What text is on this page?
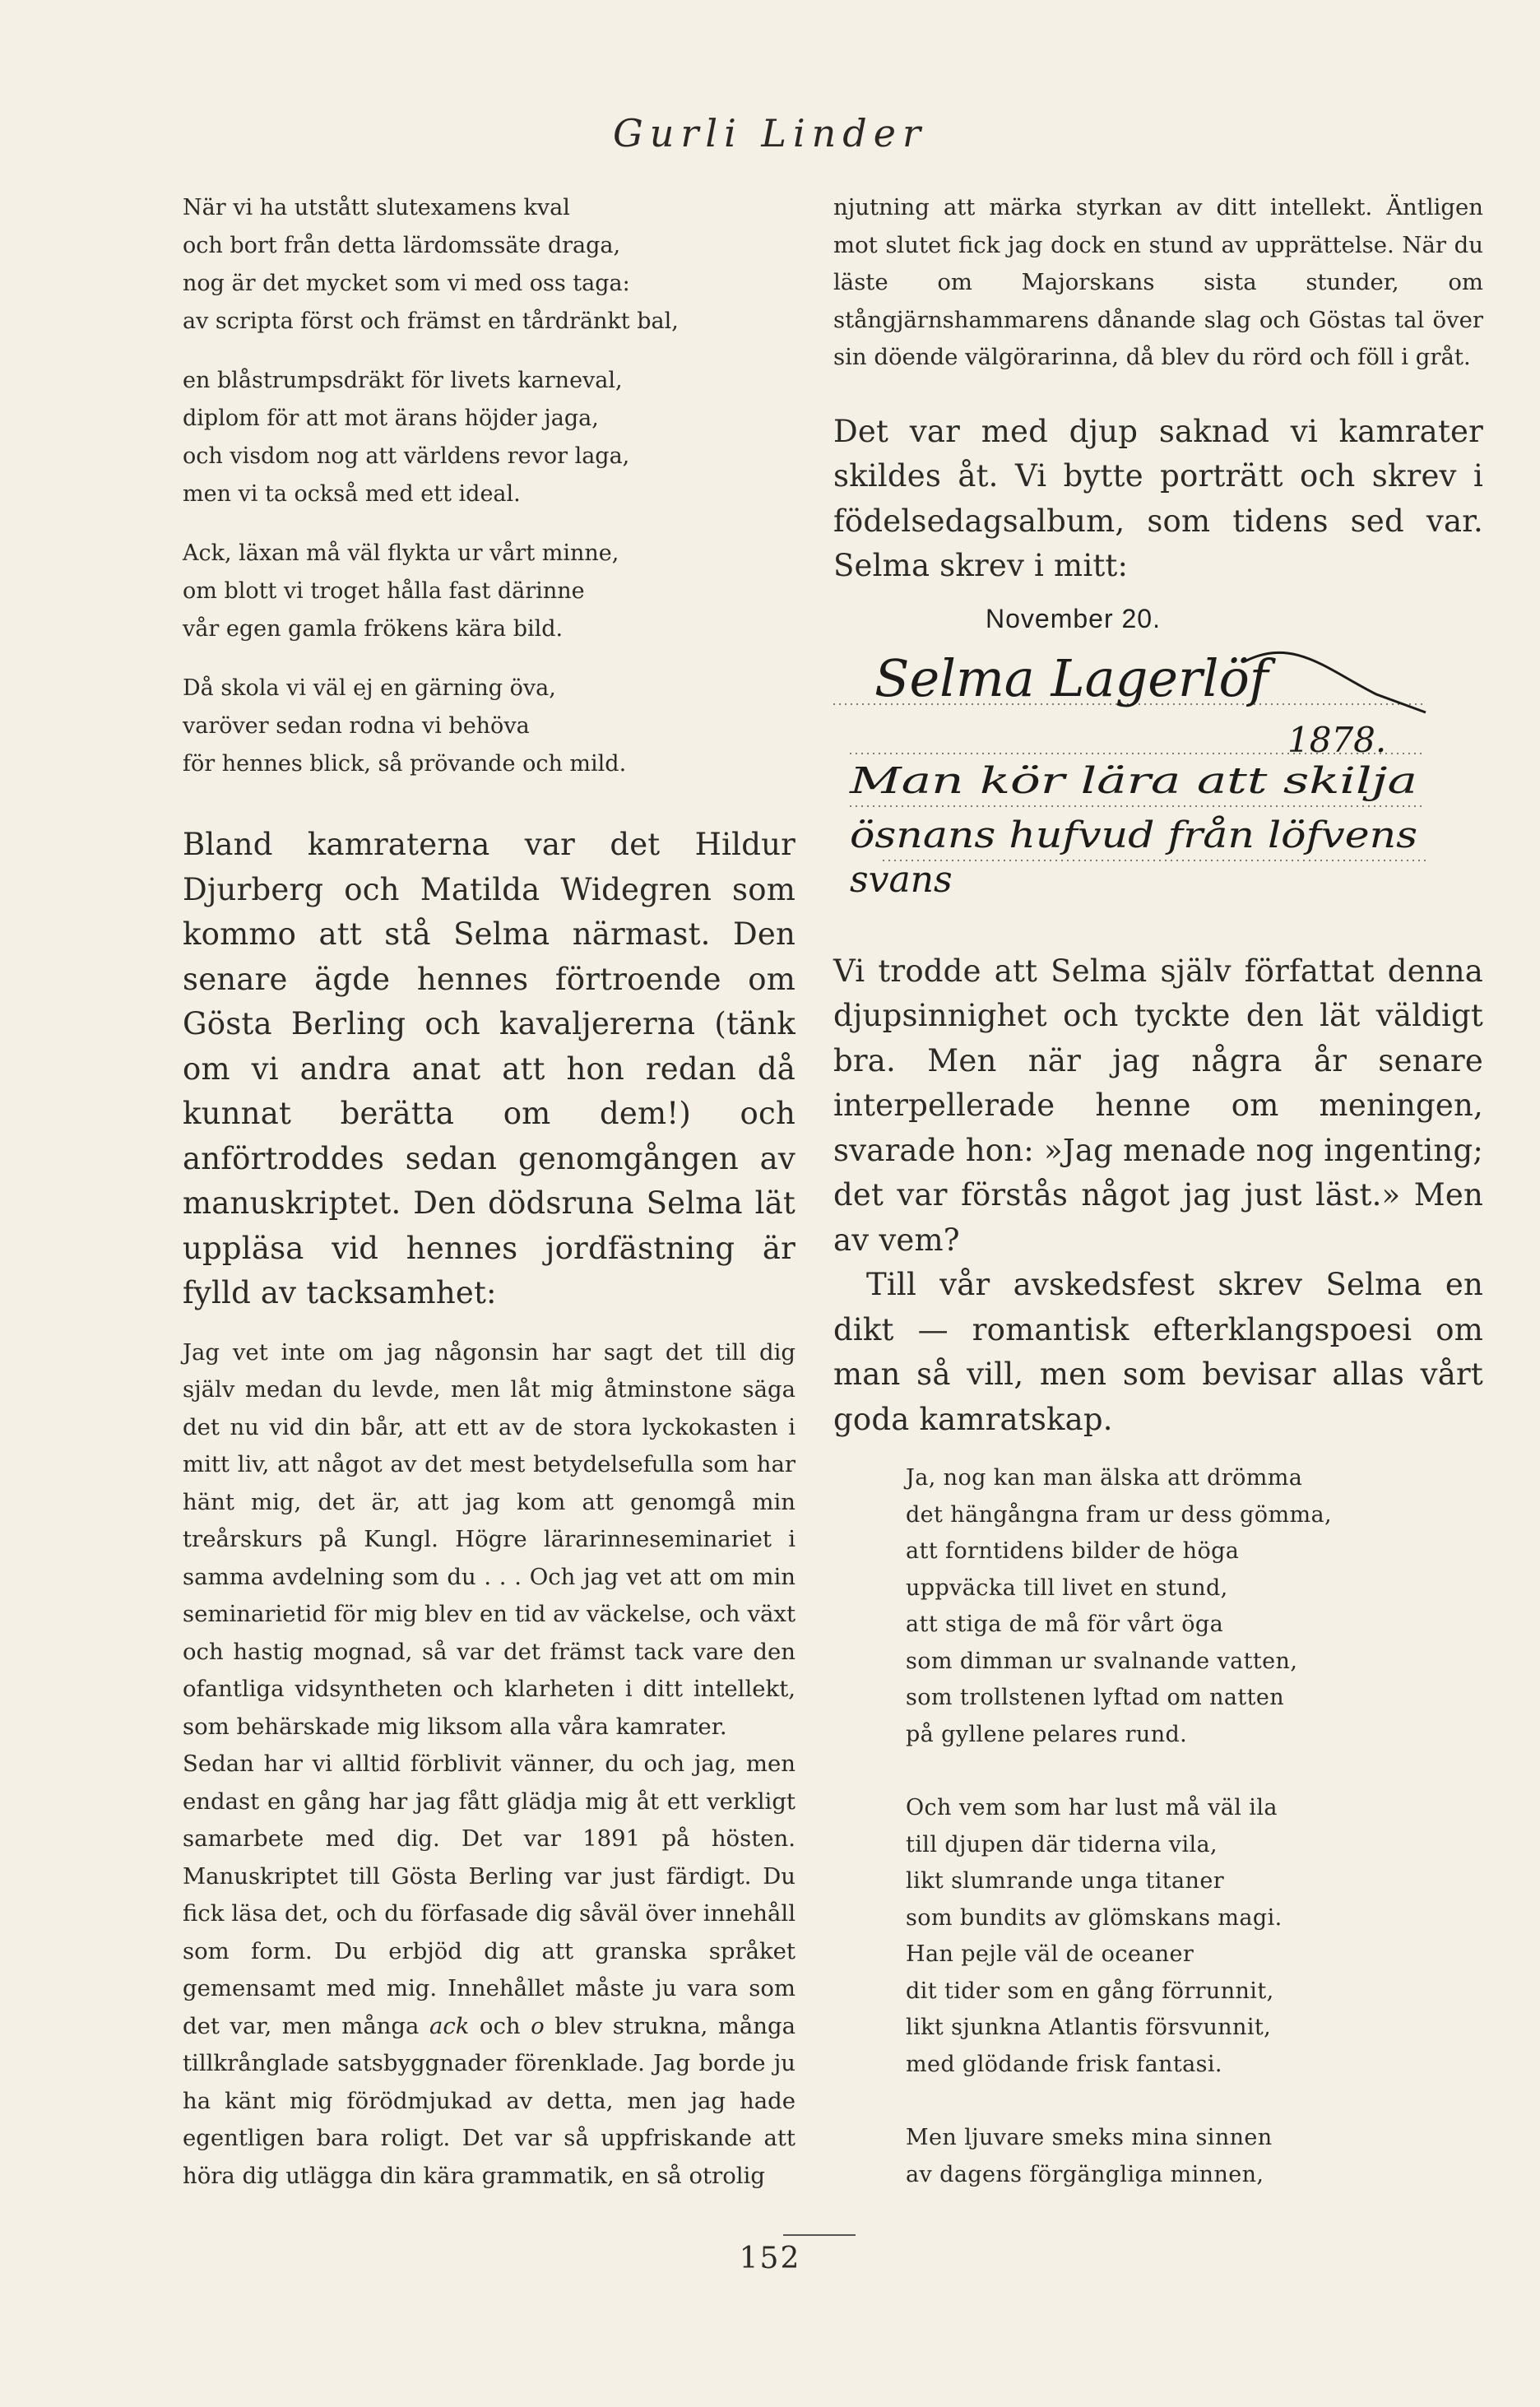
Gurli Linder
När vi ha utstått slutexamens kval
och bort från detta lärdomssäte draga,
nog är det mycket som vi med oss taga:
av scripta först och främst en tårdränkt bal,
en blåstrumpsdräkt för livets karneval,
diplom för att mot ärans höjder jaga,
och visdom nog att världens revor laga,
men vi ta också med ett ideal.
Ack, läxan må väl flykta ur vårt minne,
om blott vi troget hålla fast därinne
vår egen gamla frökens kära bild.
Då skola vi väl ej en gärning öva,
varöver sedan rodna vi behöva
för hennes blick, så prövande och mild.

Bland kamraterna var det Hildur Djurberg och Matilda Widegren som kommo att stå Selma närmast. Den senare ägde hennes förtroende om Gösta Berling och kavaljererna (tänk om vi andra anat att hon redan då kunnat berätta om dem!) och anförtroddes sedan genomgången av manuskriptet. Den dödsruna Selma lät uppläsa vid hennes jordfästning är fylld av tacksamhet:

Jag vet inte om jag någonsin har sagt det till dig själv medan du levde, men låt mig åtminstone säga det nu vid din bår, att ett av de stora lyckokasten i mitt liv, att något av det mest betydelsefulla som har hänt mig, det är, att jag kom att genomgå min treårskurs på Kungl. Högre lärarinneseminariet i samma avdelning som du . . . Och jag vet att om min seminarietid för mig blev en tid av väckelse, och växt och hastig mognad, så var det främst tack vare den ofantliga vidsyntheten och klarheten i ditt intellekt, som behärskade mig liksom alla våra kamrater.

Sedan har vi alltid förblivit vänner, du och jag, men endast en gång har jag fått glädja mig åt ett verkligt samarbete med dig. Det var 1891 på hösten. Manuskriptet till Gösta Berling var just färdigt. Du fick läsa det, och du förfasade dig såväl över innehåll som form. Du erbjöd dig att granska språket gemensamt med mig. Innehållet måste ju vara som det var, men många ack och o blev strukna, många tillkrånglade satsbyggnader förenklade. Jag borde ju ha känt mig förödmjukad av detta, men jag hade egentligen bara roligt. Det var så uppfriskande att höra dig utlägga din kära grammatik, en så otrolig

njutning att märka styrkan av ditt intellekt. Äntligen mot slutet fick jag dock en stund av upprättelse. När du läste om Majorskans sista stunder, om stångjärnshammarens dånande slag och Göstas tal över sin döende välgörarinna, då blev du rörd och föll i gråt.

Det var med djup saknad vi kamrater skildes åt. Vi bytte porträtt och skrev i födelsedagsalbum, som tidens sed var. Selma skrev i mitt:

November 20.
Selma Lagerlöf
1878.
Man kör lära att skilja
ösnans hufvud från löfvens
svans

Vi trodde att Selma själv författat denna djupsinnighet och tyckte den lät väldigt bra. Men när jag några år senare interpellerade henne om meningen, svarade hon: »Jag menade nog ingenting; det var förstås något jag just läst.» Men av vem?

Till vår avskedsfest skrev Selma en dikt — romantisk efterklangspoesi om man så vill, men som bevisar allas vårt goda kamratskap.

Ja, nog kan man älska att drömma
det hängångna fram ur dess gömma,
att forntidens bilder de höga
uppväcka till livet en stund,
att stiga de må för vårt öga
som dimman ur svalnande vatten,
som trollstenen lyftad om natten
på gyllene pelares rund.
Och vem som har lust må väl ila
till djupen där tiderna vila,
likt slumrande unga titaner
som bundits av glömskans magi.
Han pejle väl de oceaner
dit tider som en gång förrunnit,
likt sjunkna Atlantis försvunnit,
med glödande frisk fantasi.
Men ljuvare smeks mina sinnen
av dagens förgängliga minnen,
152
